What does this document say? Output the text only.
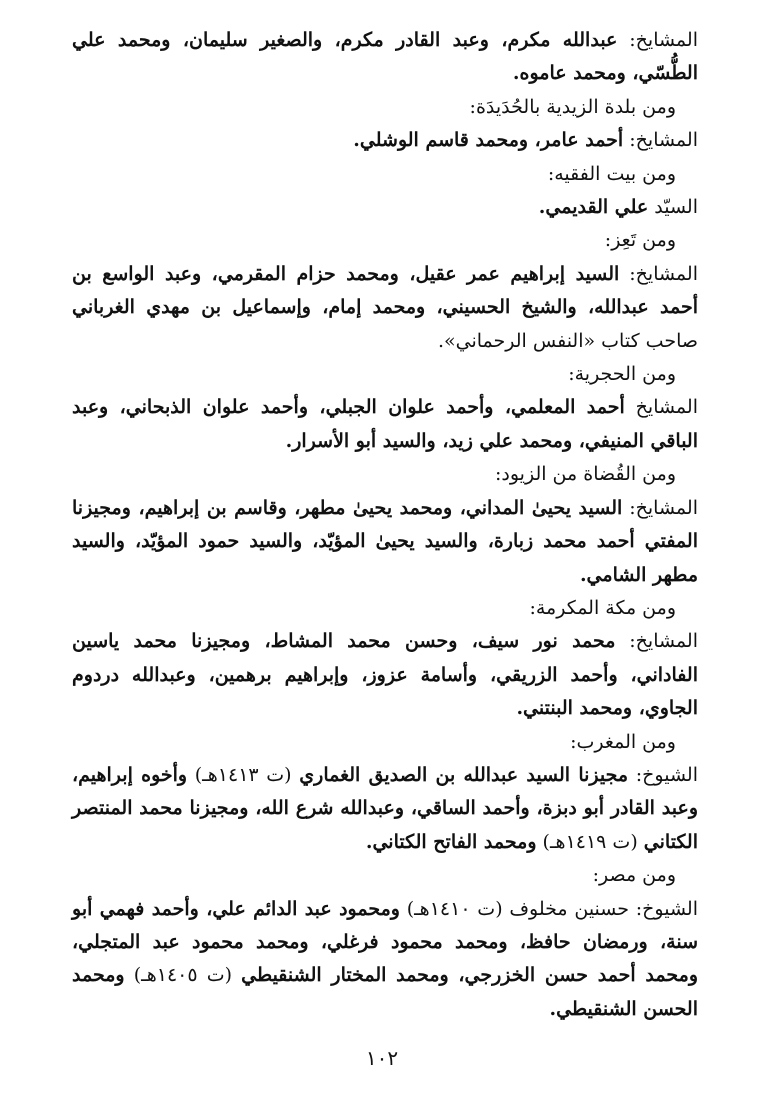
المشايخ: عبدالله مكرم، وعبد القادر مكرم، والصغير سليمان، ومحمد علي الطُّسّي، ومحمد عاموه.

ومن بلدة الزيدية بالحُدَيدَة:

المشايخ: أحمد عامر، ومحمد قاسم الوشلي.

ومن بيت الفقيه:

السيّد علي القديمي.

ومن تَعِز:

المشايخ: السيد إبراهيم عمر عقيل، ومحمد حزام المقرمي، وعبد الواسع بن أحمد عبدالله، والشيخ الحسيني، ومحمد إمام، وإسماعيل بن مهدي الغرباني صاحب كتاب «النفس الرحماني».

ومن الحجرية:

المشايخ أحمد المعلمي، وأحمد علوان الجبلي، وأحمد علوان الذبحاني، وعبد الباقي المنيفي، ومحمد علي زيد، والسيد أبو الأسرار.

ومن القُضاة من الزيود:

المشايخ: السيد يحيىٰ المداني، ومحمد يحيىٰ مطهر، وقاسم بن إبراهيم، ومجيزنا المفتي أحمد محمد زبارة، والسيد يحيىٰ المؤيّد، والسيد حمود المؤيّد، والسيد مطهر الشامي.

ومن مكة المكرمة:

المشايخ: محمد نور سيف، وحسن محمد المشاط، ومجيزنا محمد ياسين الفاداني، وأحمد الزريقي، وأسامة عزوز، وإبراهيم برهمين، وعبدالله دردوم الجاوي، ومحمد البنتني.

ومن المغرب:

الشيوخ: مجيزنا السيد عبدالله بن الصديق الغماري (ت ١٤١٣هـ) وأخوه إبراهيم، وعبد القادر أبو دبزة، وأحمد الساقي، وعبدالله شرع الله، ومجيزنا محمد المنتصر الكتاني (ت ١٤١٩هـ) ومحمد الفاتح الكتاني.

ومن مصر:

الشيوخ: حسنين مخلوف (ت ١٤١٠هـ) ومحمود عبد الدائم علي، وأحمد فهمي أبو سنة، ورمضان حافظ، ومحمد محمود فرغلي، ومحمد محمود عبد المتجلي، ومحمد أحمد حسن الخزرجي، ومحمد المختار الشنقيطي (ت ١٤٠٥هـ) ومحمد الحسن الشنقيطي.

١٠٢
